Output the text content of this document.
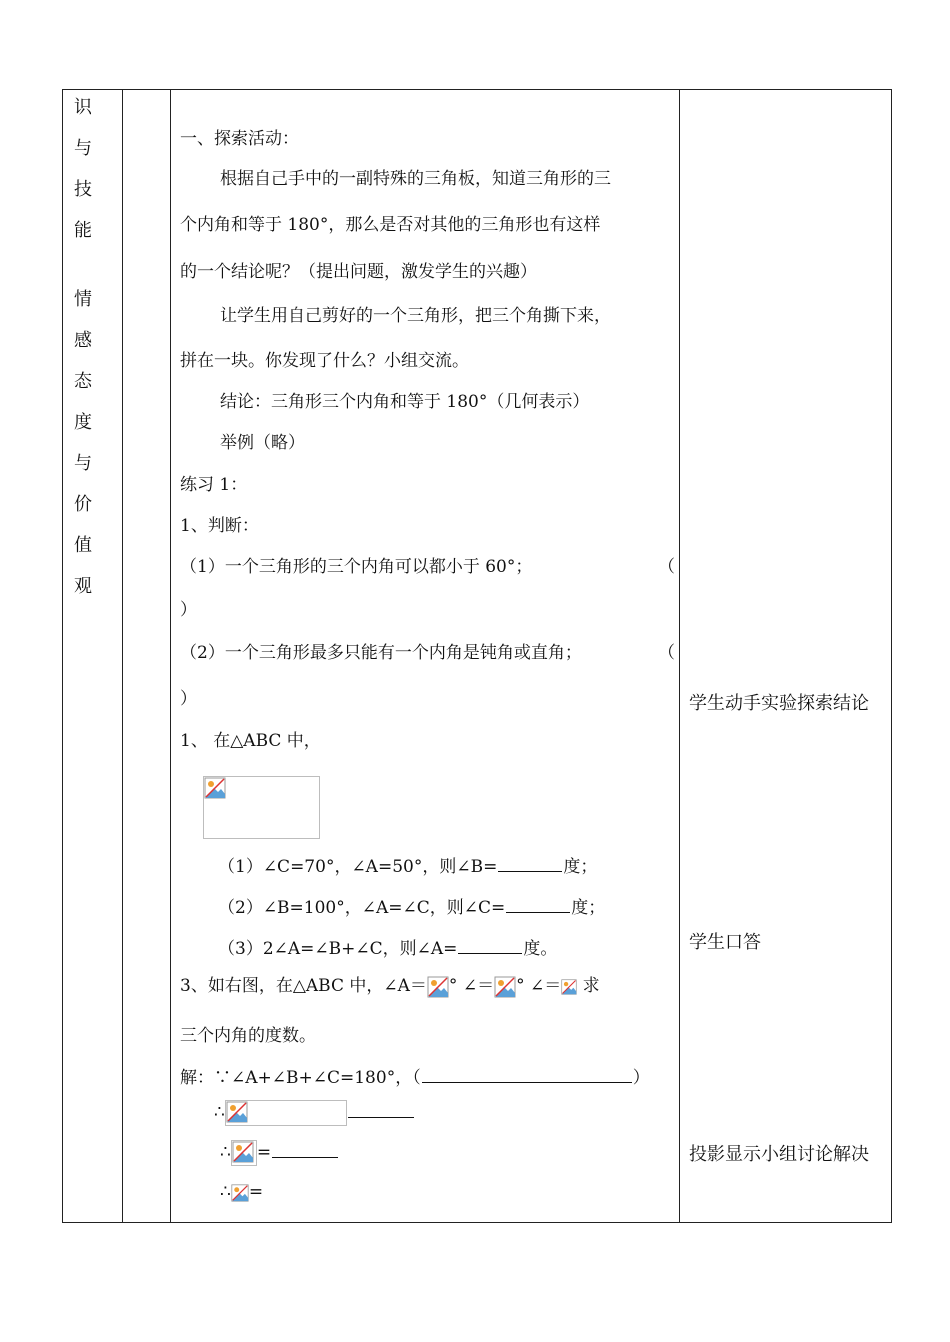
识
与
技
能
情
感
态
度
与
价
值
观
一、探索活动：
根据自己手中的一副特殊的三角板，知道三角形的三
个内角和等于 180°，那么是否对其他的三角形也有这样
的一个结论呢？（提出问题，激发学生的兴趣）
让学生用自己剪好的一个三角形，把三个角撕下来，
拼在一块。你发现了什么？小组交流。
结论：三角形三个内角和等于 180°（几何表示）
举例（略）
练习 1：
1、判断：
（1）一个三角形的三个内角可以都小于 60°；	（
）
（2）一个三角形最多只能有一个内角是钝角或直角；	（
）
1、 在△ABC 中，
（1）∠C=70°，∠A=50°，则∠B=	度；
（2）∠B=100°，∠A=∠C，则∠C=	度；
（3）2∠A=∠B+∠C，则∠A=	度。
3、如右图，在△ABC 中，∠A＝ ° ∠＝ ° ∠＝
求
三个内角的度数。
解：∵∠A+∠B+∠C=180°，（	）
∴
∴ =
∴ =
学生动手实验探索结论
学生口答
投影显示小组讨论解决
